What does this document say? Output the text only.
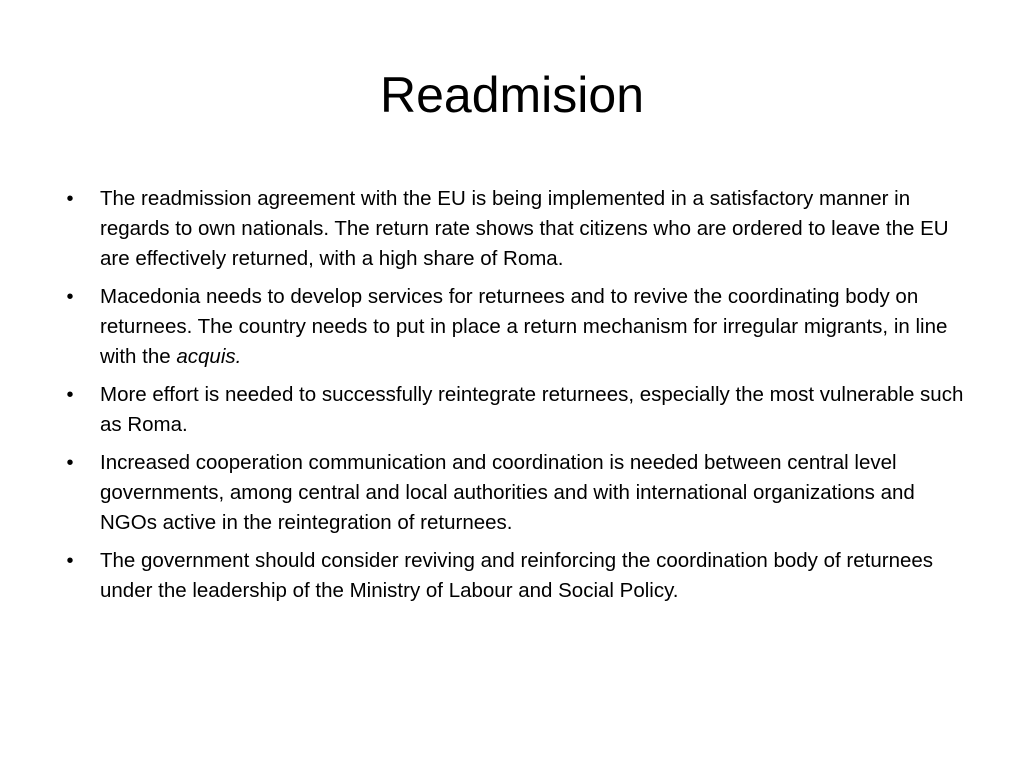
Readmision
•	The readmission agreement with the EU is being implemented in a satisfactory manner in regards to own nationals. The return rate shows that citizens who are ordered to leave the EU are effectively returned, with a high share of Roma.
•	Macedonia needs to develop services for returnees and to revive the coordinating body on returnees. The country needs to put in place a return mechanism for irregular migrants, in line with the acquis.
•	More effort is needed to successfully reintegrate returnees, especially the most vulnerable such as Roma.
•	Increased cooperation communication and coordination is needed between central level governments, among central and local authorities and with international organizations and NGOs active in the reintegration of returnees.
•	The government should consider reviving and reinforcing the coordination body of returnees under the leadership of the Ministry of Labour and Social Policy.
